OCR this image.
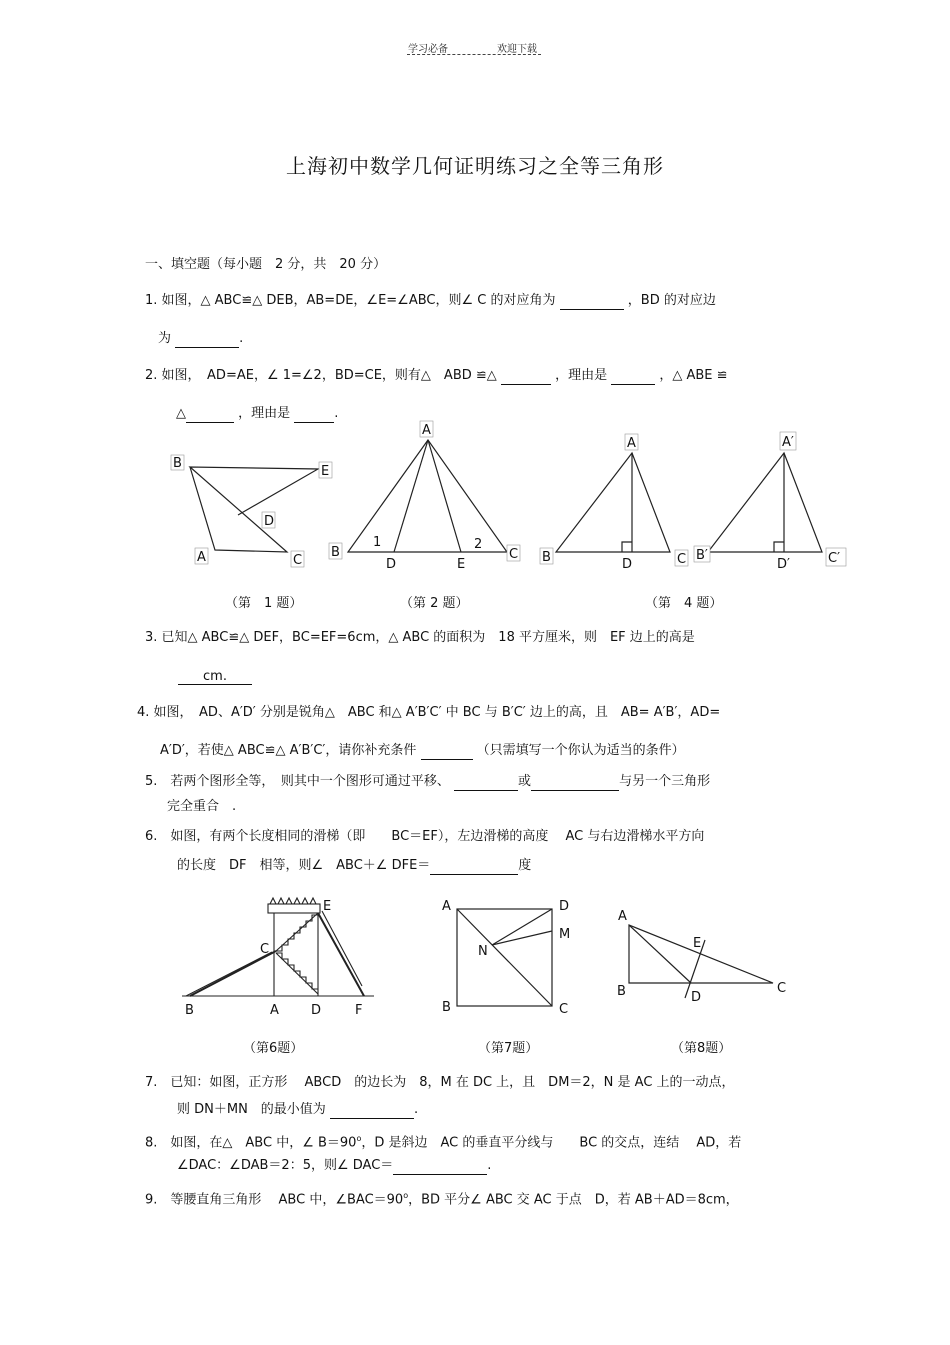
学习必备	欢迎下载
上海初中数学几何证明练习之全等三角形
一、填空题（每小题　2 分，共　20 分）
1. 如图，△ ABC≌△ DEB，AB=DE，∠E=∠ABC，则∠ C 的对应角为	，BD 的对应边
为	.
2. 如图，　AD=AE，∠ 1=∠2，BD=CE，则有△　ABD ≌△	，理由是	，△ ABE ≌
△	，理由是	.
B
E
D
A	C
A
B
1
D	E
2
C
A
B	D	C
A′
B′
D′	C′
（第　1 题）	（第 2 题）	（第　4 题）
3. 已知△ ABC≌△ DEF，BC=EF=6cm，△ ABC 的面积为　18 平方厘米，则　EF 边上的高是
cm.
4. 如图，　AD、A′D′ 分别是锐角△　ABC 和△ A′B′C′ 中 BC 与 B′C′ 边上的高，且　AB= A′B′，AD=
A′D′，若使△ ABC≌△ A′B′C′，请你补充条件	（只需填写一个你认为适当的条件）
5.　若两个图形全等，　则其中一个图形可通过平移、	或	与另一个三角形
完全重合　.
6.　如图，有两个长度相同的滑梯（即　　BC＝EF），左边滑梯的高度　 AC 与右边滑梯水平方向
的长度　DF　相等，则∠　ABC＋∠ DFE＝	度
E
C
B	A D	F
A	D
M
N
B	C
A
E
B	D
C
（第6题）	（第7题）	（第8题）
7.　已知：如图，正方形　 ABCD　的边长为　8，M 在 DC 上，且　DM＝2，N 是 AC 上的一动点，
则 DN＋MN　的最小值为	.
8.　如图，在△　ABC 中，∠ $B=90^o$，D 是斜边　AC 的垂直平分线与　　BC 的交点，连结　 AD，若
∠DAC：∠DAB＝2：5，则∠ DAC＝	.
9.　等腰直角三角形　 ABC 中，$\angle BAC=90^o$，BD 平分∠ ABC 交 AC 于点　D，若 AB＋AD＝8cm，
